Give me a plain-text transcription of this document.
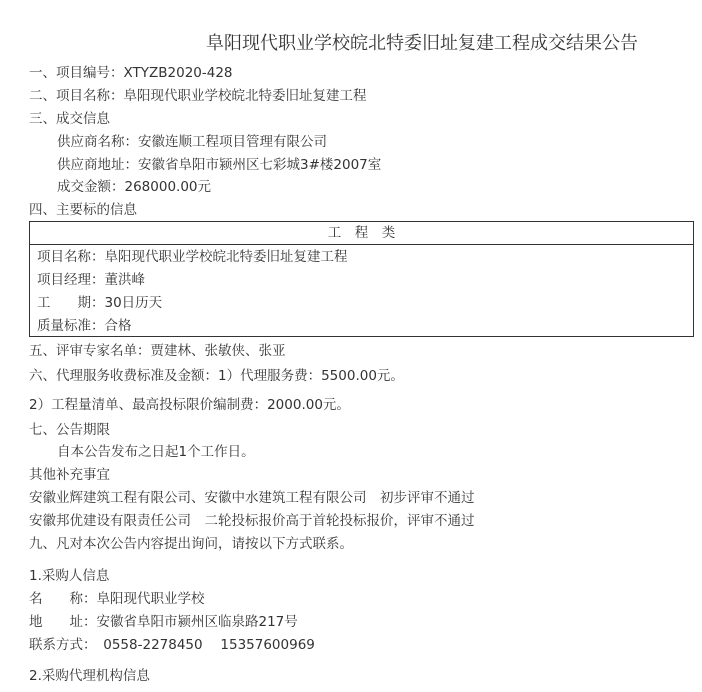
阜阳现代职业学校皖北特委旧址复建工程成交结果公告
一、项目编号：XTYZB2020-428
二、项目名称：阜阳现代职业学校皖北特委旧址复建工程
三、成交信息
供应商名称：安徽连顺工程项目管理有限公司
供应商地址：安徽省阜阳市颍州区七彩城3#楼2007室
成交金额：268000.00元
四、主要标的信息
工　程　类
项目名称：阜阳现代职业学校皖北特委旧址复建工程
项目经理：董洪峰
工　　期：30日历天
质量标准：合格
五、评审专家名单：贾建林、张敏侠、张亚
六、代理服务收费标准及金额：1）代理服务费：5500.00元。
2）工程量清单、最高投标限价编制费：2000.00元。
七、公告期限
自本公告发布之日起1个工作日。
其他补充事宜
安徽业辉建筑工程有限公司、安徽中水建筑工程有限公司　初步评审不通过
安徽邦优建设有限责任公司　二轮投标报价高于首轮投标报价，评审不通过
九、凡对本次公告内容提出询问，请按以下方式联系。
1.采购人信息
名　　称：阜阳现代职业学校
地　　址：安徽省阜阳市颍州区临泉路217号
联系方式：　0558-2278450　 15357600969
2.采购代理机构信息
